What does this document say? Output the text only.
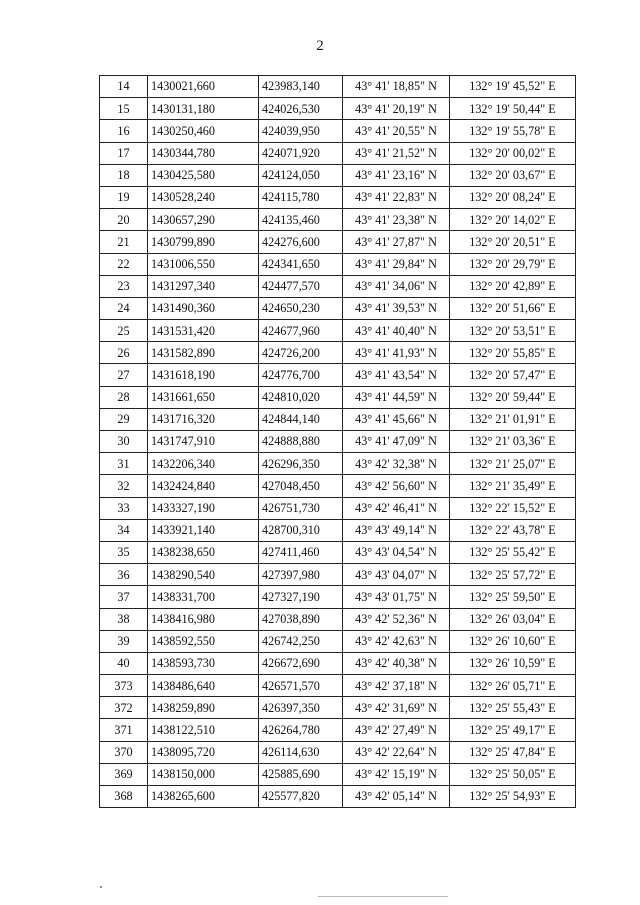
2
14	1430021,660	423983,140	43° 41' 18,85" N	132° 19' 45,52" E
15	1430131,180	424026,530	43° 41' 20,19" N	132° 19' 50,44" E
16	1430250,460	424039,950	43° 41' 20,55" N	132° 19' 55,78" E
17	1430344,780	424071,920	43° 41' 21,52" N	132° 20' 00,02" E
18	1430425,580	424124,050	43° 41' 23,16" N	132° 20' 03,67" E
19	1430528,240	424115,780	43° 41' 22,83" N	132° 20' 08,24" E
20	1430657,290	424135,460	43° 41' 23,38" N	132° 20' 14,02" E
21	1430799,890	424276,600	43° 41' 27,87" N	132° 20' 20,51" E
22	1431006,550	424341,650	43° 41' 29,84" N	132° 20' 29,79" E
23	1431297,340	424477,570	43° 41' 34,06" N	132° 20' 42,89" E
24	1431490,360	424650,230	43° 41' 39,53" N	132° 20' 51,66" E
25	1431531,420	424677,960	43° 41' 40,40" N	132° 20' 53,51" E
26	1431582,890	424726,200	43° 41' 41,93" N	132° 20' 55,85" E
27	1431618,190	424776,700	43° 41' 43,54" N	132° 20' 57,47" E
28	1431661,650	424810,020	43° 41' 44,59" N	132° 20' 59,44" E
29	1431716,320	424844,140	43° 41' 45,66" N	132° 21' 01,91" E
30	1431747,910	424888,880	43° 41' 47,09" N	132° 21' 03,36" E
31	1432206,340	426296,350	43° 42' 32,38" N	132° 21' 25,07" E
32	1432424,840	427048,450	43° 42' 56,60" N	132° 21' 35,49" E
33	1433327,190	426751,730	43° 42' 46,41" N	132° 22' 15,52" E
34	1433921,140	428700,310	43° 43' 49,14" N	132° 22' 43,78" E
35	1438238,650	427411,460	43° 43' 04,54" N	132° 25' 55,42" E
36	1438290,540	427397,980	43° 43' 04,07" N	132° 25' 57,72" E
37	1438331,700	427327,190	43° 43' 01,75" N	132° 25' 59,50" E
38	1438416,980	427038,890	43° 42' 52,36" N	132° 26' 03,04" E
39	1438592,550	426742,250	43° 42' 42,63" N	132° 26' 10,60" E
40	1438593,730	426672,690	43° 42' 40,38" N	132° 26' 10,59" E
373	1438486,640	426571,570	43° 42' 37,18" N	132° 26' 05,71" E
372	1438259,890	426397,350	43° 42' 31,69" N	132° 25' 55,43" E
371	1438122,510	426264,780	43° 42' 27,49" N	132° 25' 49,17" E
370	1438095,720	426114,630	43° 42' 22,64" N	132° 25' 47,84" E
369	1438150,000	425885,690	43° 42' 15,19" N	132° 25' 50,05" E
368	1438265,600	425577,820	43° 42' 05,14" N	132° 25' 54,93" E
